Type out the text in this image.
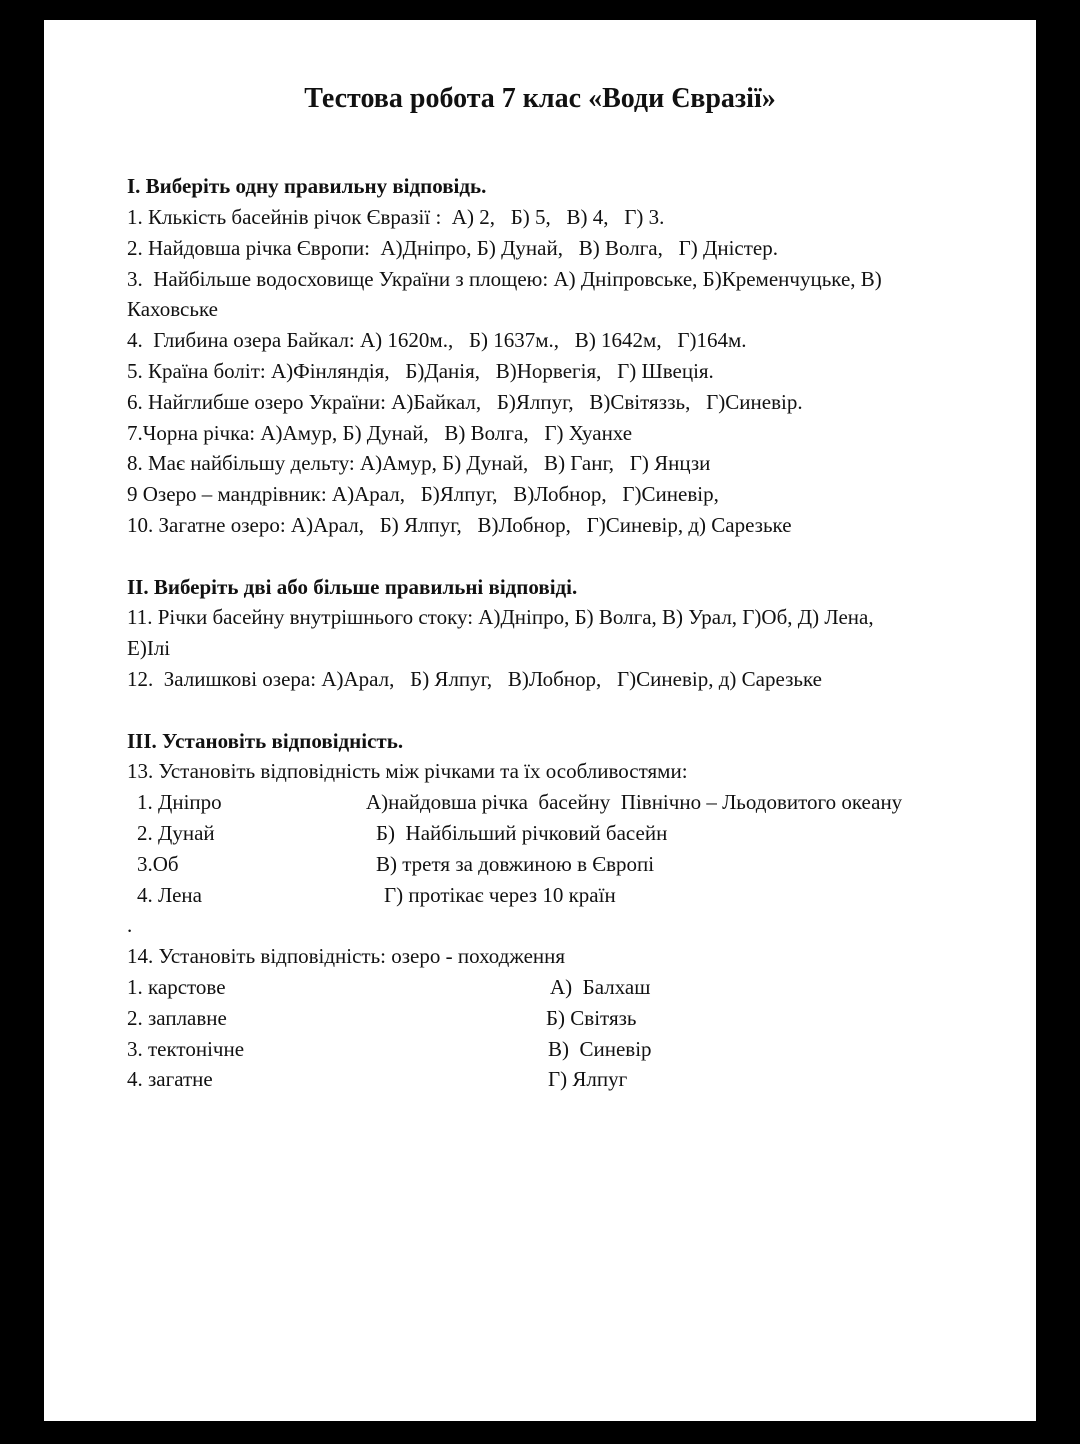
Тестова робота 7 клас «Води Євразії»
I. Виберіть одну правильну відповідь.
1. Клькість басейнів річок Євразії :  А) 2,   Б) 5,   В) 4,   Г) 3.
2. Найдовша річка Європи:  А)Дніпро, Б) Дунай,   В) Волга,   Г) Дністер.
3.  Найбільше водосховище України з площею: А) Дніпровське, Б)Кременчуцьке, В)
Каховське
4.  Глибина озера Байкал: А) 1620м.,   Б) 1637м.,   В) 1642м,   Г)164м.
5. Країна боліт: А)Фінляндія,   Б)Данія,   В)Норвегія,   Г) Швеція.
6. Найглибше озеро України: А)Байкал,   Б)Ялпуг,   В)Світяззь,   Г)Синевір.
7.Чорна річка: А)Амур, Б) Дунай,   В) Волга,   Г) Хуанхе
8. Має найбільшу дельту: А)Амур, Б) Дунай,   В) Ганг,   Г) Янцзи
9 Озеро – мандрівник: А)Арал,   Б)Ялпуг,   В)Лобнор,   Г)Синевір,
10. Загатне озеро: А)Арал,   Б) Ялпуг,   В)Лобнор,   Г)Синевір, д) Сарезьке
II. Виберіть дві або більше правильні відповіді.
11. Річки басейну внутрішнього стоку: А)Дніпро, Б) Волга, В) Урал, Г)Об, Д) Лена,
Е)Ілі
12.  Залишкові озера: А)Арал,   Б) Ялпуг,   В)Лобнор,   Г)Синевір, д) Сарезьке
III. Установіть відповідність.
13. Установіть відповідність між річками та їх особливостями:
1. Дніпро
2. Дунай
3.Об
4. Лена
А)найдовша річка  басейну  Північно – Льодовитого океану
Б)  Найбільший річковий басейн
В) третя за довжиною в Європі
Г) протікає через 10 країн
.
14. Установіть відповідність: озеро - походження
1. карстове
2. заплавне
3. тектонічне
4. загатне
А)  Балхаш
Б) Світязь
В)  Синевір
Г) Ялпуг
